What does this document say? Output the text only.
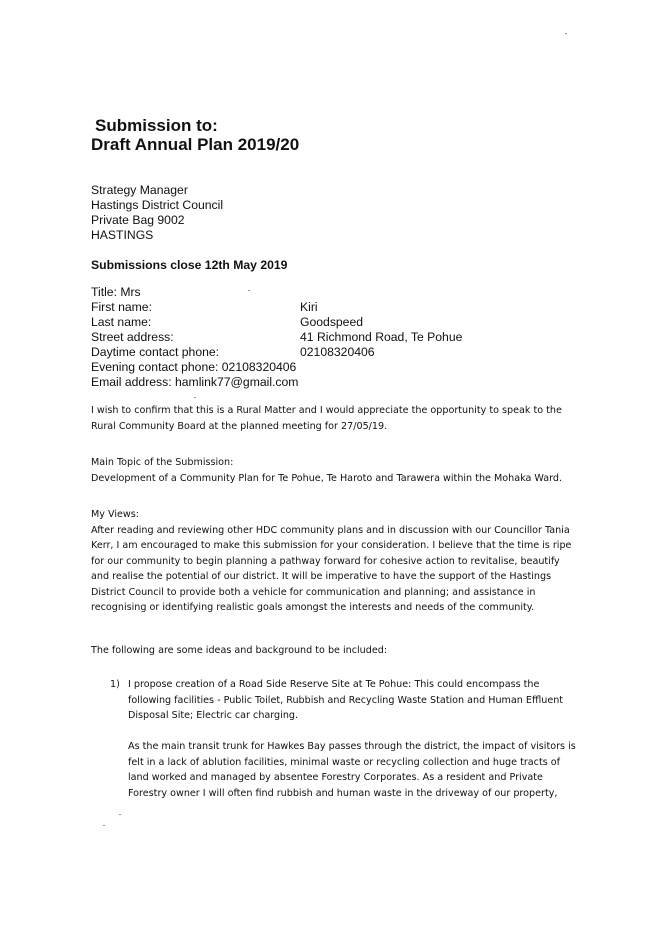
Submission to:
Draft Annual Plan 2019/20
Strategy Manager
Hastings District Council
Private Bag 9002
HASTINGS
Submissions close 12th May 2019
Title: Mrs
First name:	Kiri
Last name:	Goodspeed
Street address:	41 Richmond Road, Te Pohue
Daytime contact phone:	02108320406
Evening contact phone: 02108320406
Email address: hamlink77@gmail.com
I wish to confirm that this is a Rural Matter and I would appreciate the opportunity to speak to the
Rural Community Board at the planned meeting for 27/05/19.
Main Topic of the Submission:
Development of a Community Plan for Te Pohue, Te Haroto and Tarawera within the Mohaka Ward.
My Views:
After reading and reviewing other HDC community plans and in discussion with our Councillor Tania
Kerr, I am encouraged to make this submission for your consideration. I believe that the time is ripe
for our community to begin planning a pathway forward for cohesive action to revitalise, beautify
and realise the potential of our district. It will be imperative to have the support of the Hastings
District Council to provide both a vehicle for communication and planning; and assistance in
recognising or identifying realistic goals amongst the interests and needs of the community.
The following are some ideas and background to be included:
1) I propose creation of a Road Side Reserve Site at Te Pohue: This could encompass the
following facilities - Public Toilet, Rubbish and Recycling Waste Station and Human Effluent
Disposal Site; Electric car charging.
As the main transit trunk for Hawkes Bay passes through the district, the impact of visitors is
felt in a lack of ablution facilities, minimal waste or recycling collection and huge tracts of
land worked and managed by absentee Forestry Corporates. As a resident and Private
Forestry owner I will often find rubbish and human waste in the driveway of our property,
